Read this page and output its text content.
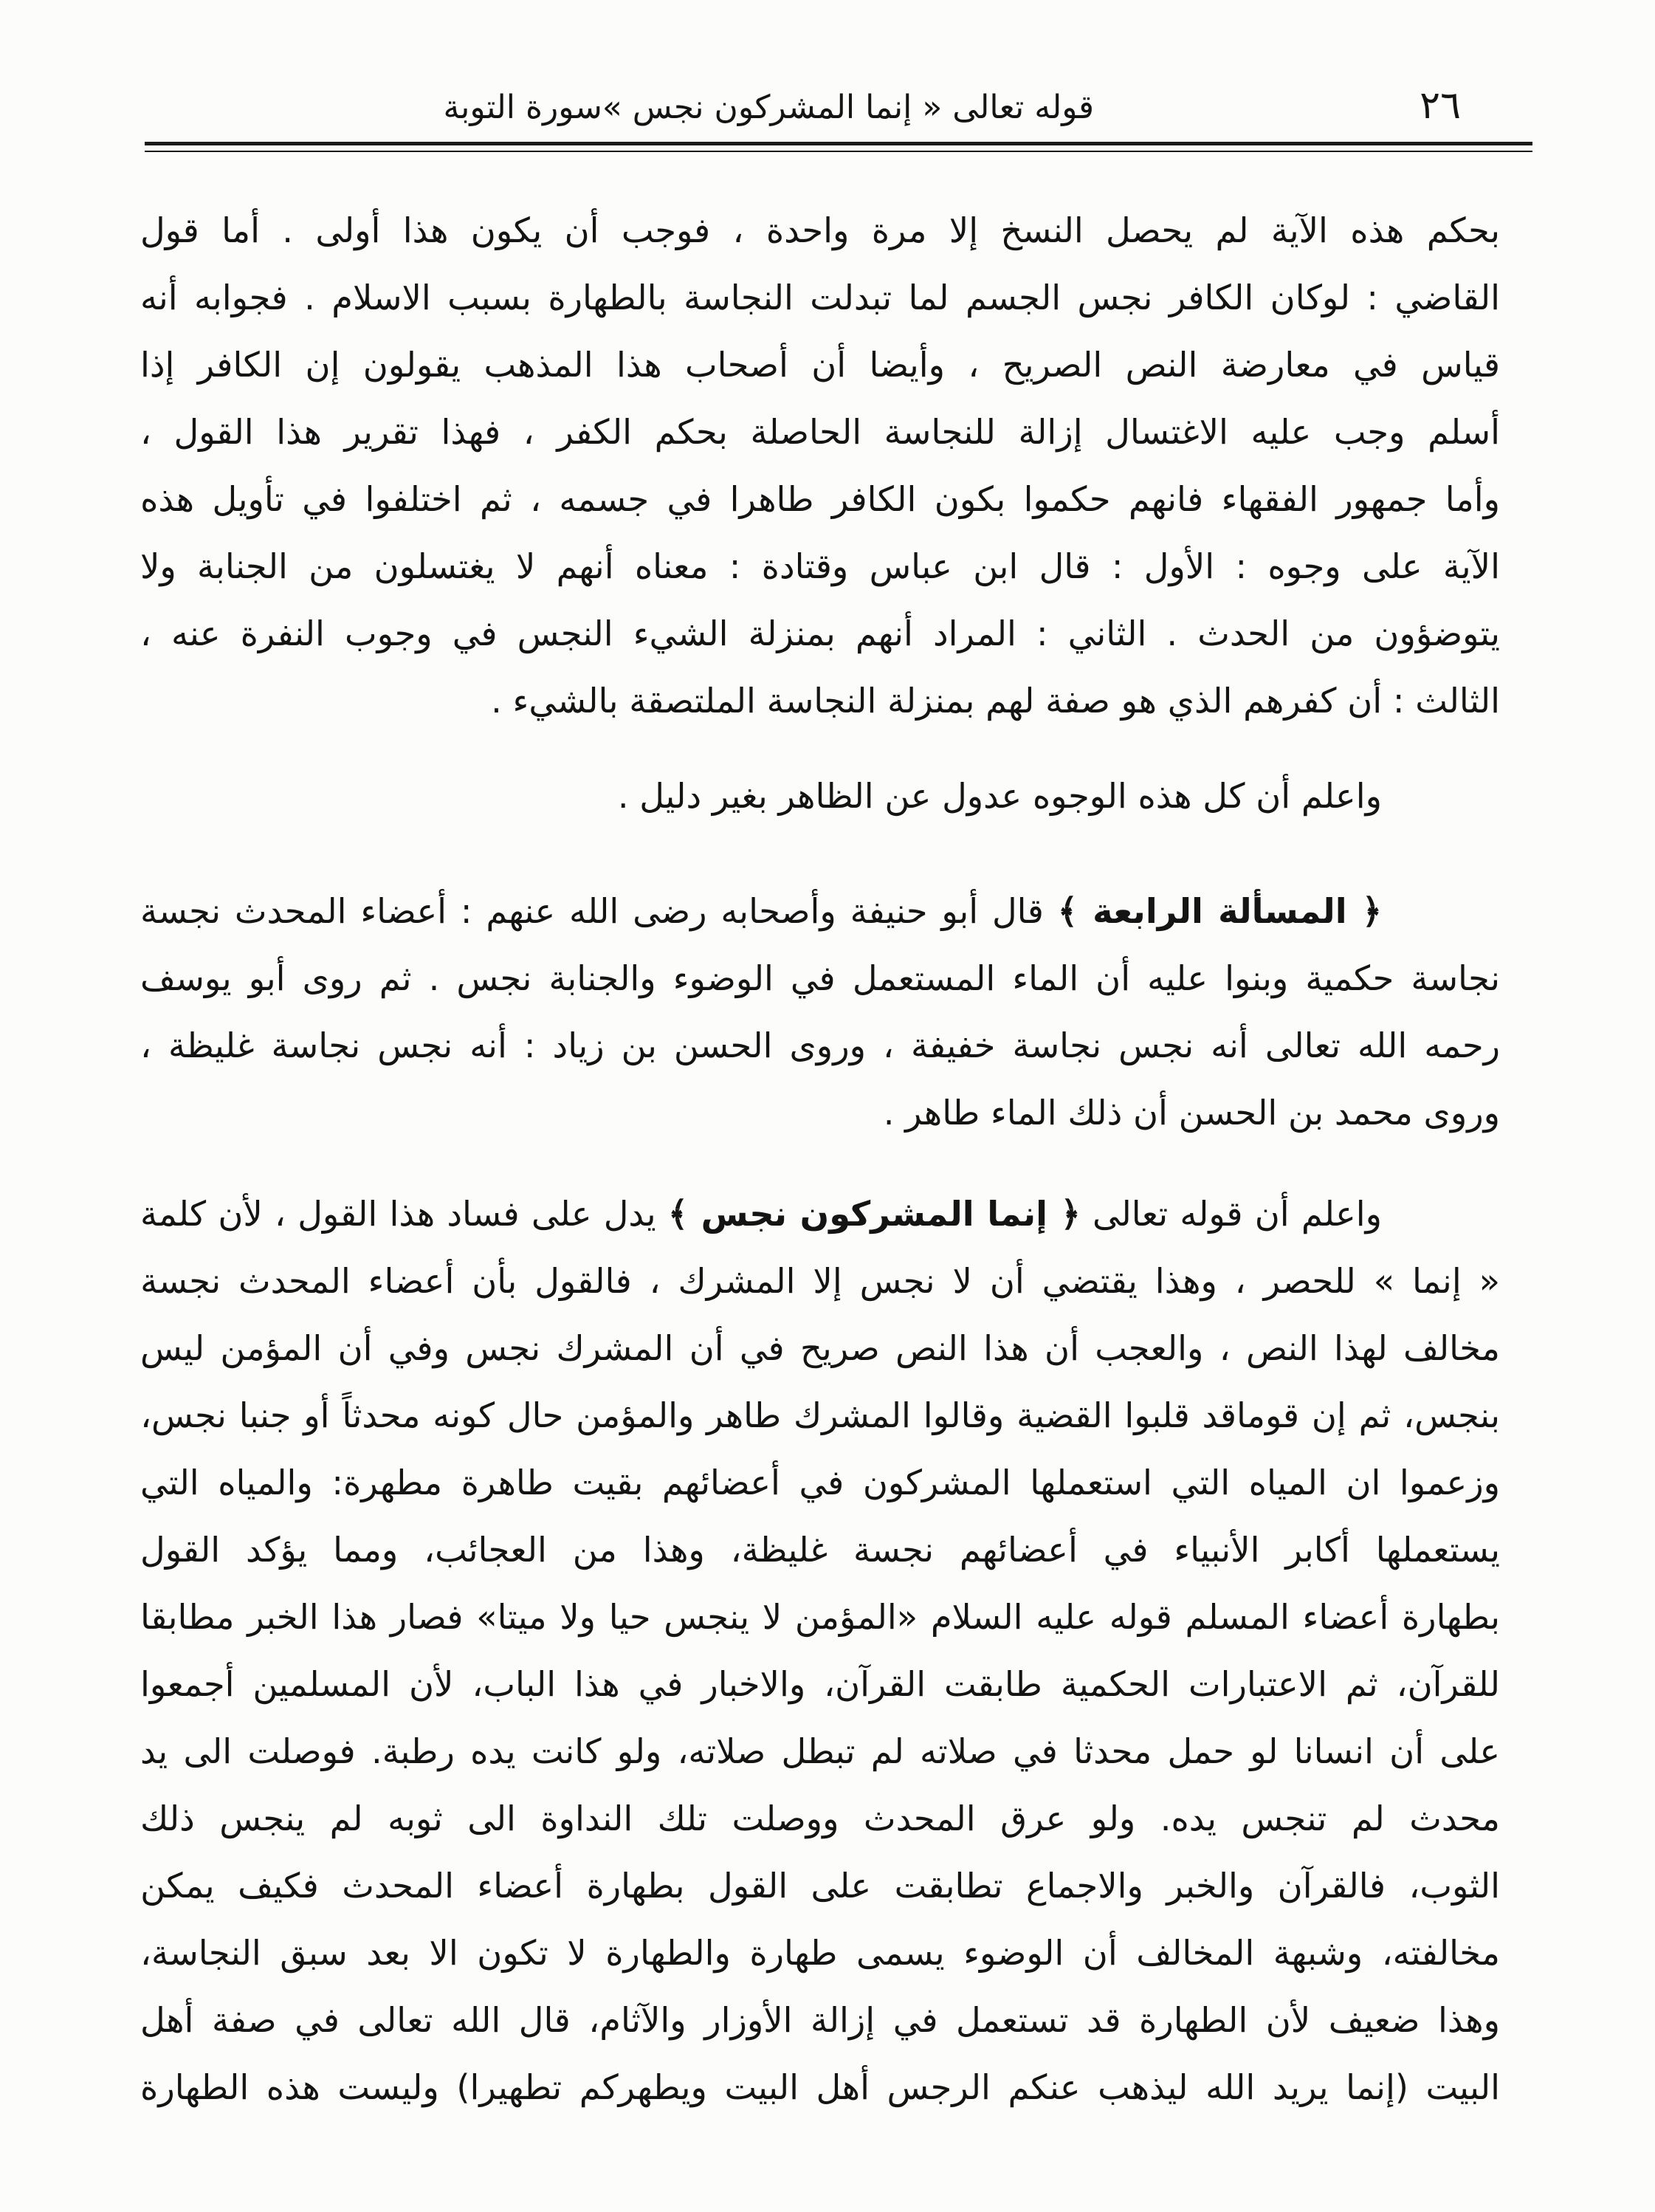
٢٦
قوله تعالى « إنما المشركون نجس »سورة التوبة
بحكم هذه الآية لم يحصل النسخ إلا مرة واحدة ، فوجب أن يكون هذا أولى . أما قول
القاضي : لوكان الكافر نجس الجسم لما تبدلت النجاسة بالطهارة بسبب الاسلام . فجوابه أنه
قياس في معارضة النص الصريح ، وأيضا أن أصحاب هذا المذهب يقولون إن الكافر إذا
أسلم وجب عليه الاغتسال إزالة للنجاسة الحاصلة بحكم الكفر ، فهذا تقرير هذا القول ،
وأما جمهور الفقهاء فانهم حكموا بكون الكافر طاهرا في جسمه ، ثم اختلفوا في تأويل هذه
الآية على وجوه : الأول : قال ابن عباس وقتادة : معناه أنهم لا يغتسلون من الجنابة ولا
يتوضؤون من الحدث . الثاني : المراد أنهم بمنزلة الشيء النجس في وجوب النفرة عنه ،
الثالث : أن كفرهم الذي هو صفة لهم بمنزلة النجاسة الملتصقة بالشيء .
واعلم أن كل هذه الوجوه عدول عن الظاهر بغير دليل .
﴿ المسألة الرابعة ﴾ قال أبو حنيفة وأصحابه رضى الله عنهم : أعضاء المحدث نجسة
نجاسة حكمية وبنوا عليه أن الماء المستعمل في الوضوء والجنابة نجس . ثم روى أبو يوسف
رحمه الله تعالى أنه نجس نجاسة خفيفة ، وروى الحسن بن زياد : أنه نجس نجاسة غليظة ،
وروى محمد بن الحسن أن ذلك الماء طاهر .
واعلم أن قوله تعالى ﴿ إنما المشركون نجس ﴾ يدل على فساد هذا القول ، لأن كلمة
« إنما » للحصر ، وهذا يقتضي أن لا نجس إلا المشرك ، فالقول بأن أعضاء المحدث نجسة
مخالف لهذا النص ، والعجب أن هذا النص صريح في أن المشرك نجس وفي أن المؤمن ليس
بنجس، ثم إن قوماقد قلبوا القضية وقالوا المشرك طاهر والمؤمن حال كونه محدثاً أو جنبا نجس،
وزعموا ان المياه التي استعملها المشركون في أعضائهم بقيت طاهرة مطهرة: والمياه التي
يستعملها أكابر الأنبياء في أعضائهم نجسة غليظة، وهذا من العجائب، ومما يؤكد القول
بطهارة أعضاء المسلم قوله عليه السلام «المؤمن لا ينجس حيا ولا ميتا» فصار هذا الخبر مطابقا
للقرآن، ثم الاعتبارات الحكمية طابقت القرآن، والاخبار في هذا الباب، لأن المسلمين أجمعوا
على أن انسانا لو حمل محدثا في صلاته لم تبطل صلاته، ولو كانت يده رطبة. فوصلت الى يد
محدث لم تنجس يده. ولو عرق المحدث ووصلت تلك النداوة الى ثوبه لم ينجس ذلك
الثوب، فالقرآن والخبر والاجماع تطابقت على القول بطهارة أعضاء المحدث فكيف يمكن
مخالفته، وشبهة المخالف أن الوضوء يسمى طهارة والطهارة لا تكون الا بعد سبق النجاسة،
وهذا ضعيف لأن الطهارة قد تستعمل في إزالة الأوزار والآثام، قال الله تعالى في صفة أهل
البيت (إنما يريد الله ليذهب عنكم الرجس أهل البيت ويطهركم تطهيرا) وليست هذه الطهارة
